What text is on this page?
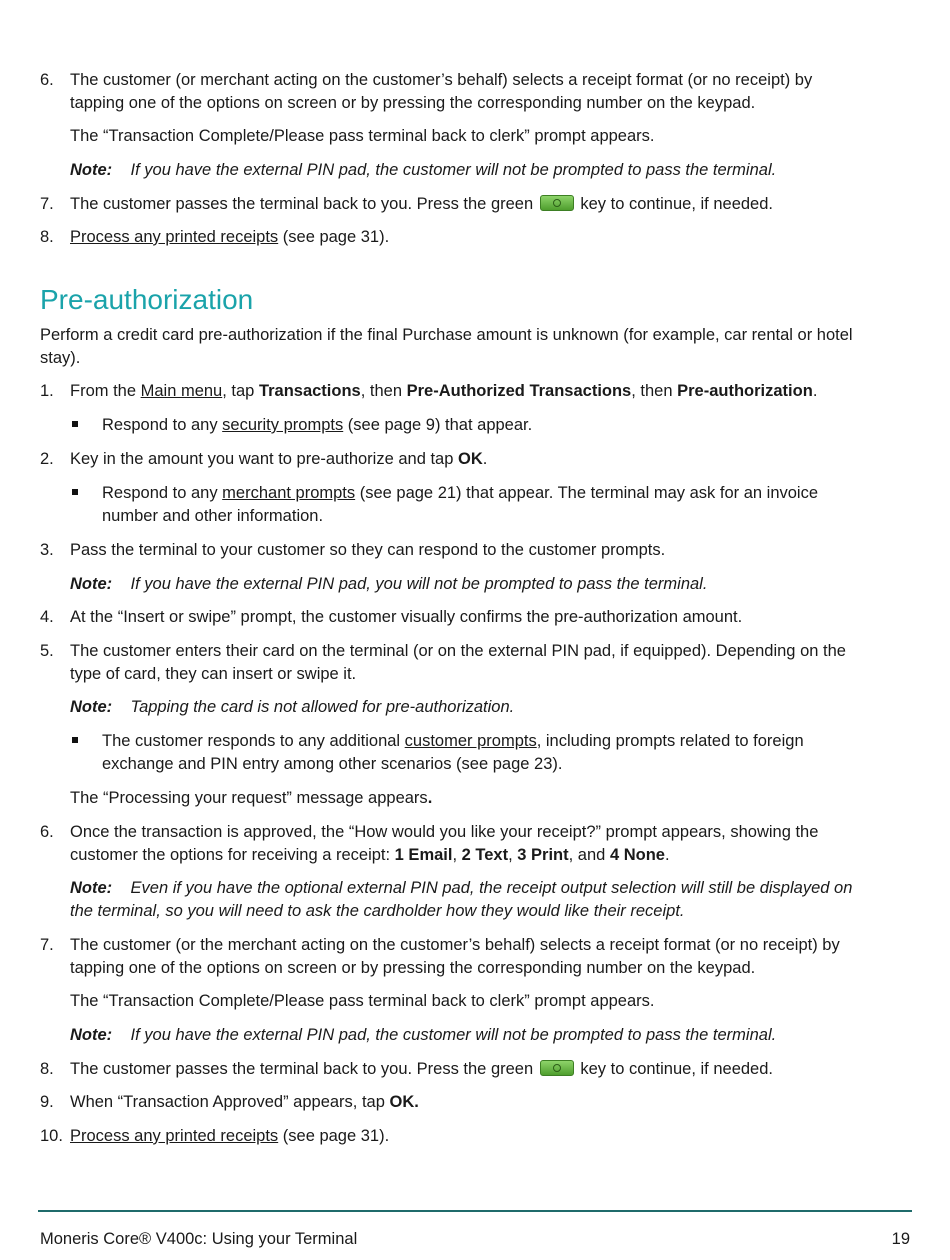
6. The customer (or merchant acting on the customer’s behalf) selects a receipt format (or no receipt) by
tapping one of the options on screen or by pressing the corresponding number on the keypad.
The “Transaction Complete/Please pass terminal back to clerk” prompt appears.
Note: If you have the external PIN pad, the customer will not be prompted to pass the terminal.
7. The customer passes the terminal back to you. Press the green	key to continue, if needed.
8. Process any printed receipts (see page 31).
Pre-authorization
Perform a credit card pre-authorization if the final Purchase amount is unknown (for example, car rental or hotel
stay).
1. From the Main menu, tap Transactions, then Pre-Authorized Transactions, then Pre-authorization.
Respond to any security prompts (see page 9) that appear.
2. Key in the amount you want to pre-authorize and tap OK.
Respond to any merchant prompts (see page 21) that appear. The terminal may ask for an invoice
number and other information.
3. Pass the terminal to your customer so they can respond to the customer prompts.
Note: If you have the external PIN pad, you will not be prompted to pass the terminal.
4. At the “Insert or swipe” prompt, the customer visually confirms the pre-authorization amount.
5. The customer enters their card on the terminal (or on the external PIN pad, if equipped). Depending on the
type of card, they can insert or swipe it.
Note: Tapping the card is not allowed for pre-authorization.
The customer responds to any additional customer prompts, including prompts related to foreign
exchange and PIN entry among other scenarios (see page 23).
The “Processing your request” message appears.
6. Once the transaction is approved, the “How would you like your receipt?” prompt appears, showing the
customer the options for receiving a receipt: 1 Email, 2 Text, 3 Print, and 4 None.
Note: Even if you have the optional external PIN pad, the receipt output selection will still be displayed on
the terminal, so you will need to ask the cardholder how they would like their receipt.
7. The customer (or the merchant acting on the customer’s behalf) selects a receipt format (or no receipt) by
tapping one of the options on screen or by pressing the corresponding number on the keypad.
The “Transaction Complete/Please pass terminal back to clerk” prompt appears.
Note: If you have the external PIN pad, the customer will not be prompted to pass the terminal.
8. The customer passes the terminal back to you. Press the green	key to continue, if needed.
9. When “Transaction Approved” appears, tap OK.
10. Process any printed receipts (see page 31).
Moneris Core® V400c: Using your Terminal	19
